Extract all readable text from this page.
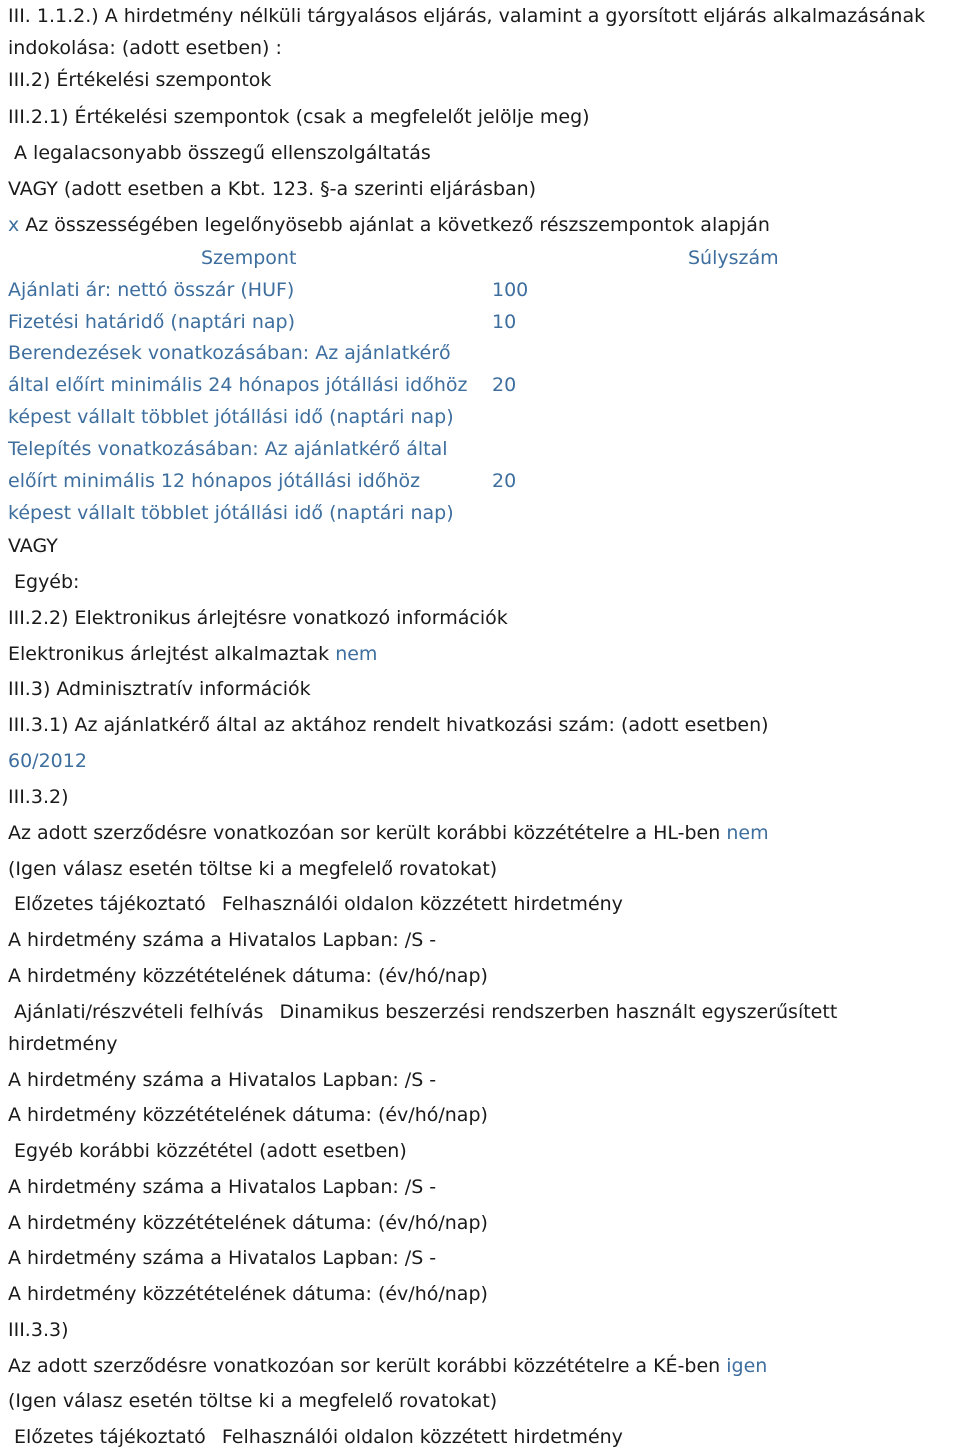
III. 1.1.2.) A hirdetmény nélküli tárgyalásos eljárás, valamint a gyorsított eljárás alkalmazásának
indokolása: (adott esetben) :
III.2) Értékelési szempontok
III.2.1) Értékelési szempontok (csak a megfelelőt jelölje meg)
A legalacsonyabb összegű ellenszolgáltatás
VAGY (adott esetben a Kbt. 123. §-a szerinti eljárásban)
x Az összességében legelőnyösebb ajánlat a következő részszempontok alapján
Szempont	Súlyszám
Ajánlati ár: nettó összár (HUF)	100
Fizetési határidő (naptári nap)	10
Berendezések vonatkozásában: Az ajánlatkérő
által előírt minimális 24 hónapos jótállási időhöz 20
képest vállalt többlet jótállási idő (naptári nap)
Telepítés vonatkozásában: Az ajánlatkérő által
előírt minimális 12 hónapos jótállási időhöz	20
képest vállalt többlet jótállási idő (naptári nap)
VAGY
Egyéb:
III.2.2) Elektronikus árlejtésre vonatkozó információk
Elektronikus árlejtést alkalmaztak nem
III.3) Adminisztratív információk
III.3.1) Az ajánlatkérő által az aktához rendelt hivatkozási szám: (adott esetben)
60/2012
III.3.2)
Az adott szerződésre vonatkozóan sor került korábbi közzétételre a HL-ben nem
(Igen válasz esetén töltse ki a megfelelő rovatokat)
Előzetes tájékoztató Felhasználói oldalon közzétett hirdetmény
A hirdetmény száma a Hivatalos Lapban: /S -
A hirdetmény közzétételének dátuma: (év/hó/nap)
Ajánlati/részvételi felhívás Dinamikus beszerzési rendszerben használt egyszerűsített
hirdetmény
A hirdetmény száma a Hivatalos Lapban: /S -
A hirdetmény közzétételének dátuma: (év/hó/nap)
Egyéb korábbi közzététel (adott esetben)
A hirdetmény száma a Hivatalos Lapban: /S -
A hirdetmény közzétételének dátuma: (év/hó/nap)
A hirdetmény száma a Hivatalos Lapban: /S -
A hirdetmény közzétételének dátuma: (év/hó/nap)
III.3.3)
Az adott szerződésre vonatkozóan sor került korábbi közzétételre a KÉ-ben igen
(Igen válasz esetén töltse ki a megfelelő rovatokat)
Előzetes tájékoztató Felhasználói oldalon közzétett hirdetmény
